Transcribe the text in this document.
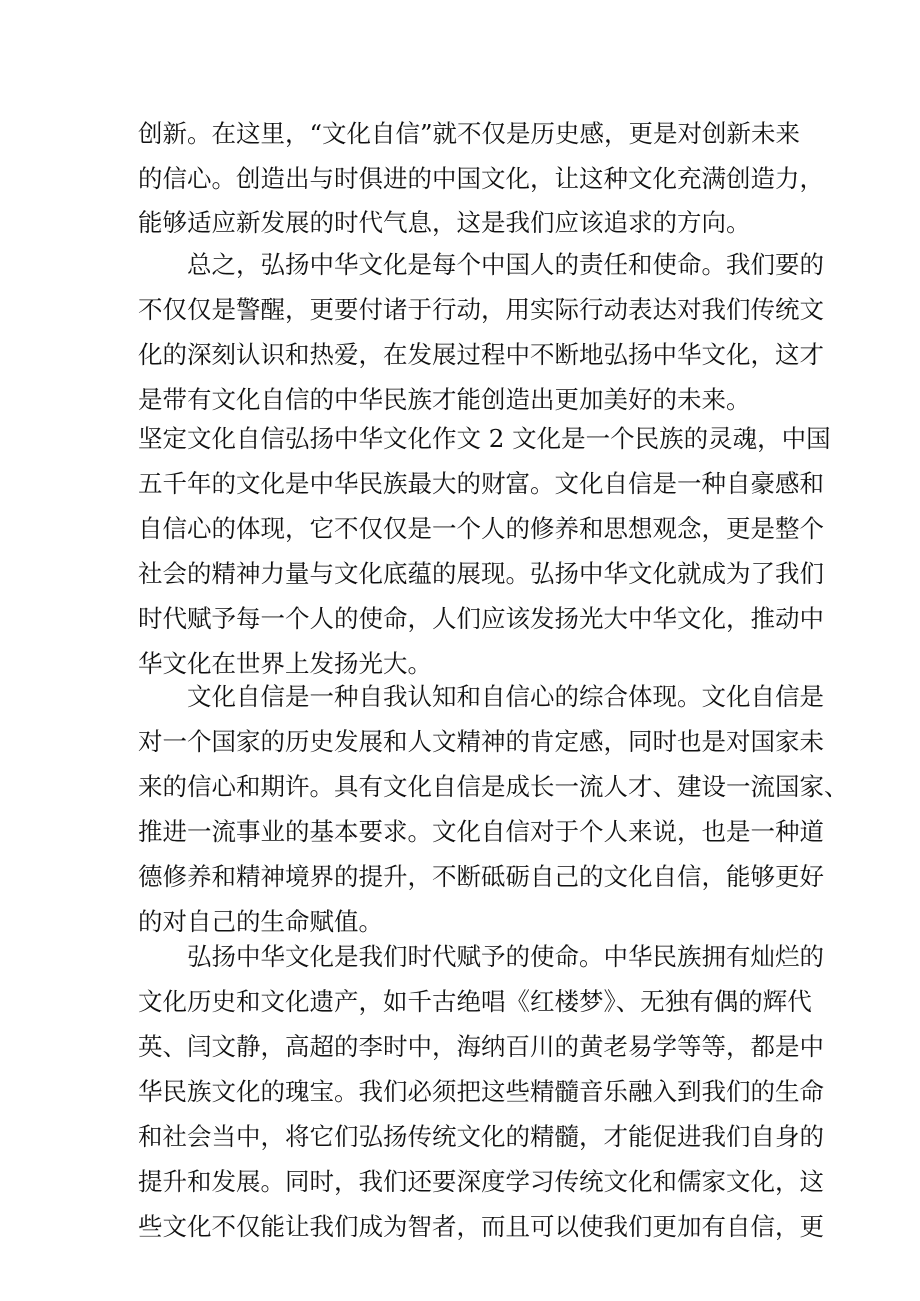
创新。在这里，“文化自信”就不仅是历史感，更是对创新未来
的信心。创造出与时俱进的中国文化，让这种文化充满创造力，
能够适应新发展的时代气息，这是我们应该追求的方向。
　　总之，弘扬中华文化是每个中国人的责任和使命。我们要的
不仅仅是警醒，更要付诸于行动，用实际行动表达对我们传统文
化的深刻认识和热爱，在发展过程中不断地弘扬中华文化，这才
是带有文化自信的中华民族才能创造出更加美好的未来。
坚定文化自信弘扬中华文化作文 2 文化是一个民族的灵魂，中国
五千年的文化是中华民族最大的财富。文化自信是一种自豪感和
自信心的体现，它不仅仅是一个人的修养和思想观念，更是整个
社会的精神力量与文化底蕴的展现。弘扬中华文化就成为了我们
时代赋予每一个人的使命，人们应该发扬光大中华文化，推动中
华文化在世界上发扬光大。
　　文化自信是一种自我认知和自信心的综合体现。文化自信是
对一个国家的历史发展和人文精神的肯定感，同时也是对国家未
来的信心和期许。具有文化自信是成长一流人才、建设一流国家、
推进一流事业的基本要求。文化自信对于个人来说，也是一种道
德修养和精神境界的提升，不断砥砺自己的文化自信，能够更好
的对自己的生命赋值。
　　弘扬中华文化是我们时代赋予的使命。中华民族拥有灿烂的
文化历史和文化遗产，如千古绝唱《红楼梦》、无独有偶的辉代
英、闫文静，高超的李时中，海纳百川的黄老易学等等，都是中
华民族文化的瑰宝。我们必须把这些精髓音乐融入到我们的生命
和社会当中，将它们弘扬传统文化的精髓，才能促进我们自身的
提升和发展。同时，我们还要深度学习传统文化和儒家文化，这
些文化不仅能让我们成为智者，而且可以使我们更加有自信，更
